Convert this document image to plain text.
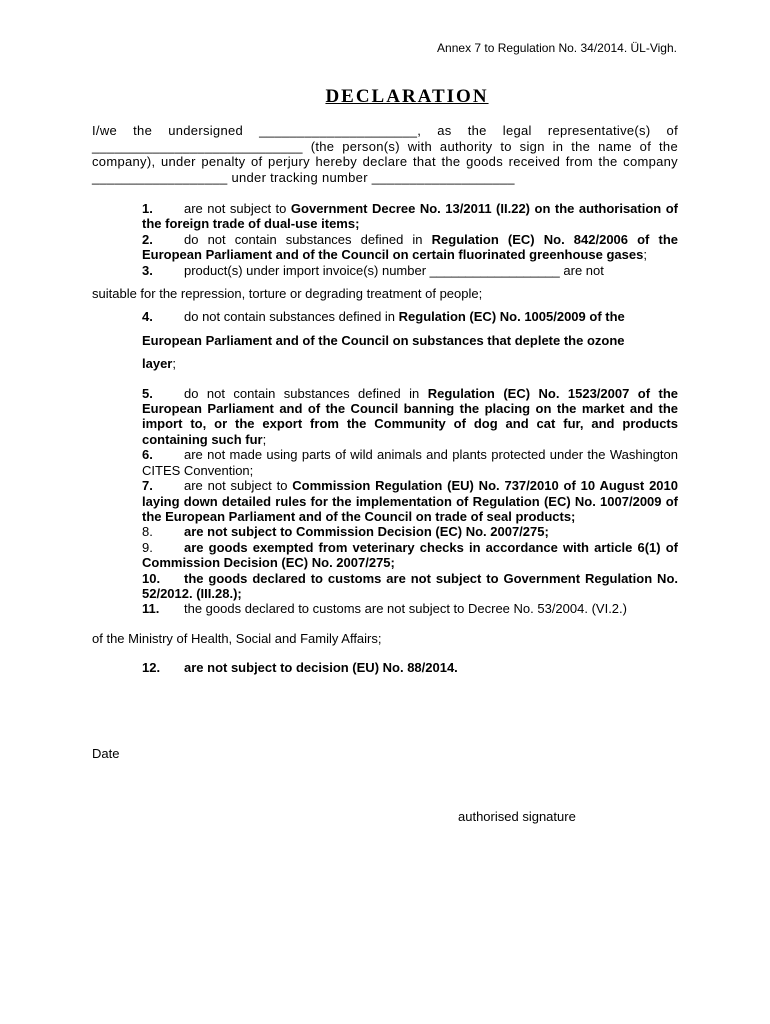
Annex 7 to Regulation No. 34/2014. ÜL-Vigh.
DECLARATION
I/we the undersigned _____________________, as the legal representative(s) of ____________________________ (the person(s) with authority to sign in the name of the company), under penalty of perjury hereby declare that the goods received from the company __________________ under tracking number ___________________
1. are not subject to Government Decree No. 13/2011 (II.22) on the authorisation of the foreign trade of dual-use items;
2. do not contain substances defined in Regulation (EC) No. 842/2006 of the European Parliament and of the Council on certain fluorinated greenhouse gases;
3. product(s) under import invoice(s) number __________________ are not
suitable for the repression, torture or degrading treatment of people;
4. do not contain substances defined in Regulation (EC) No. 1005/2009 of the
European Parliament and of the Council on substances that deplete the ozone
layer;
5. do not contain substances defined in Regulation (EC) No. 1523/2007 of the European Parliament and of the Council banning the placing on the market and the import to, or the export from the Community of dog and cat fur, and products containing such fur;
6. are not made using parts of wild animals and plants protected under the Washington CITES Convention;
7. are not subject to Commission Regulation (EU) No. 737/2010 of 10 August 2010 laying down detailed rules for the implementation of Regulation (EC) No. 1007/2009 of the European Parliament and of the Council on trade of seal products;
8. are not subject to Commission Decision (EC) No. 2007/275;
9. are goods exempted from veterinary checks in accordance with article 6(1) of Commission Decision (EC) No. 2007/275;
10. the goods declared to customs are not subject to Government Regulation No. 52/2012. (III.28.);
11. the goods declared to customs are not subject to Decree No. 53/2004. (VI.2.)
of the Ministry of Health, Social and Family Affairs;
12. are not subject to decision (EU) No. 88/2014.
Date
authorised signature
